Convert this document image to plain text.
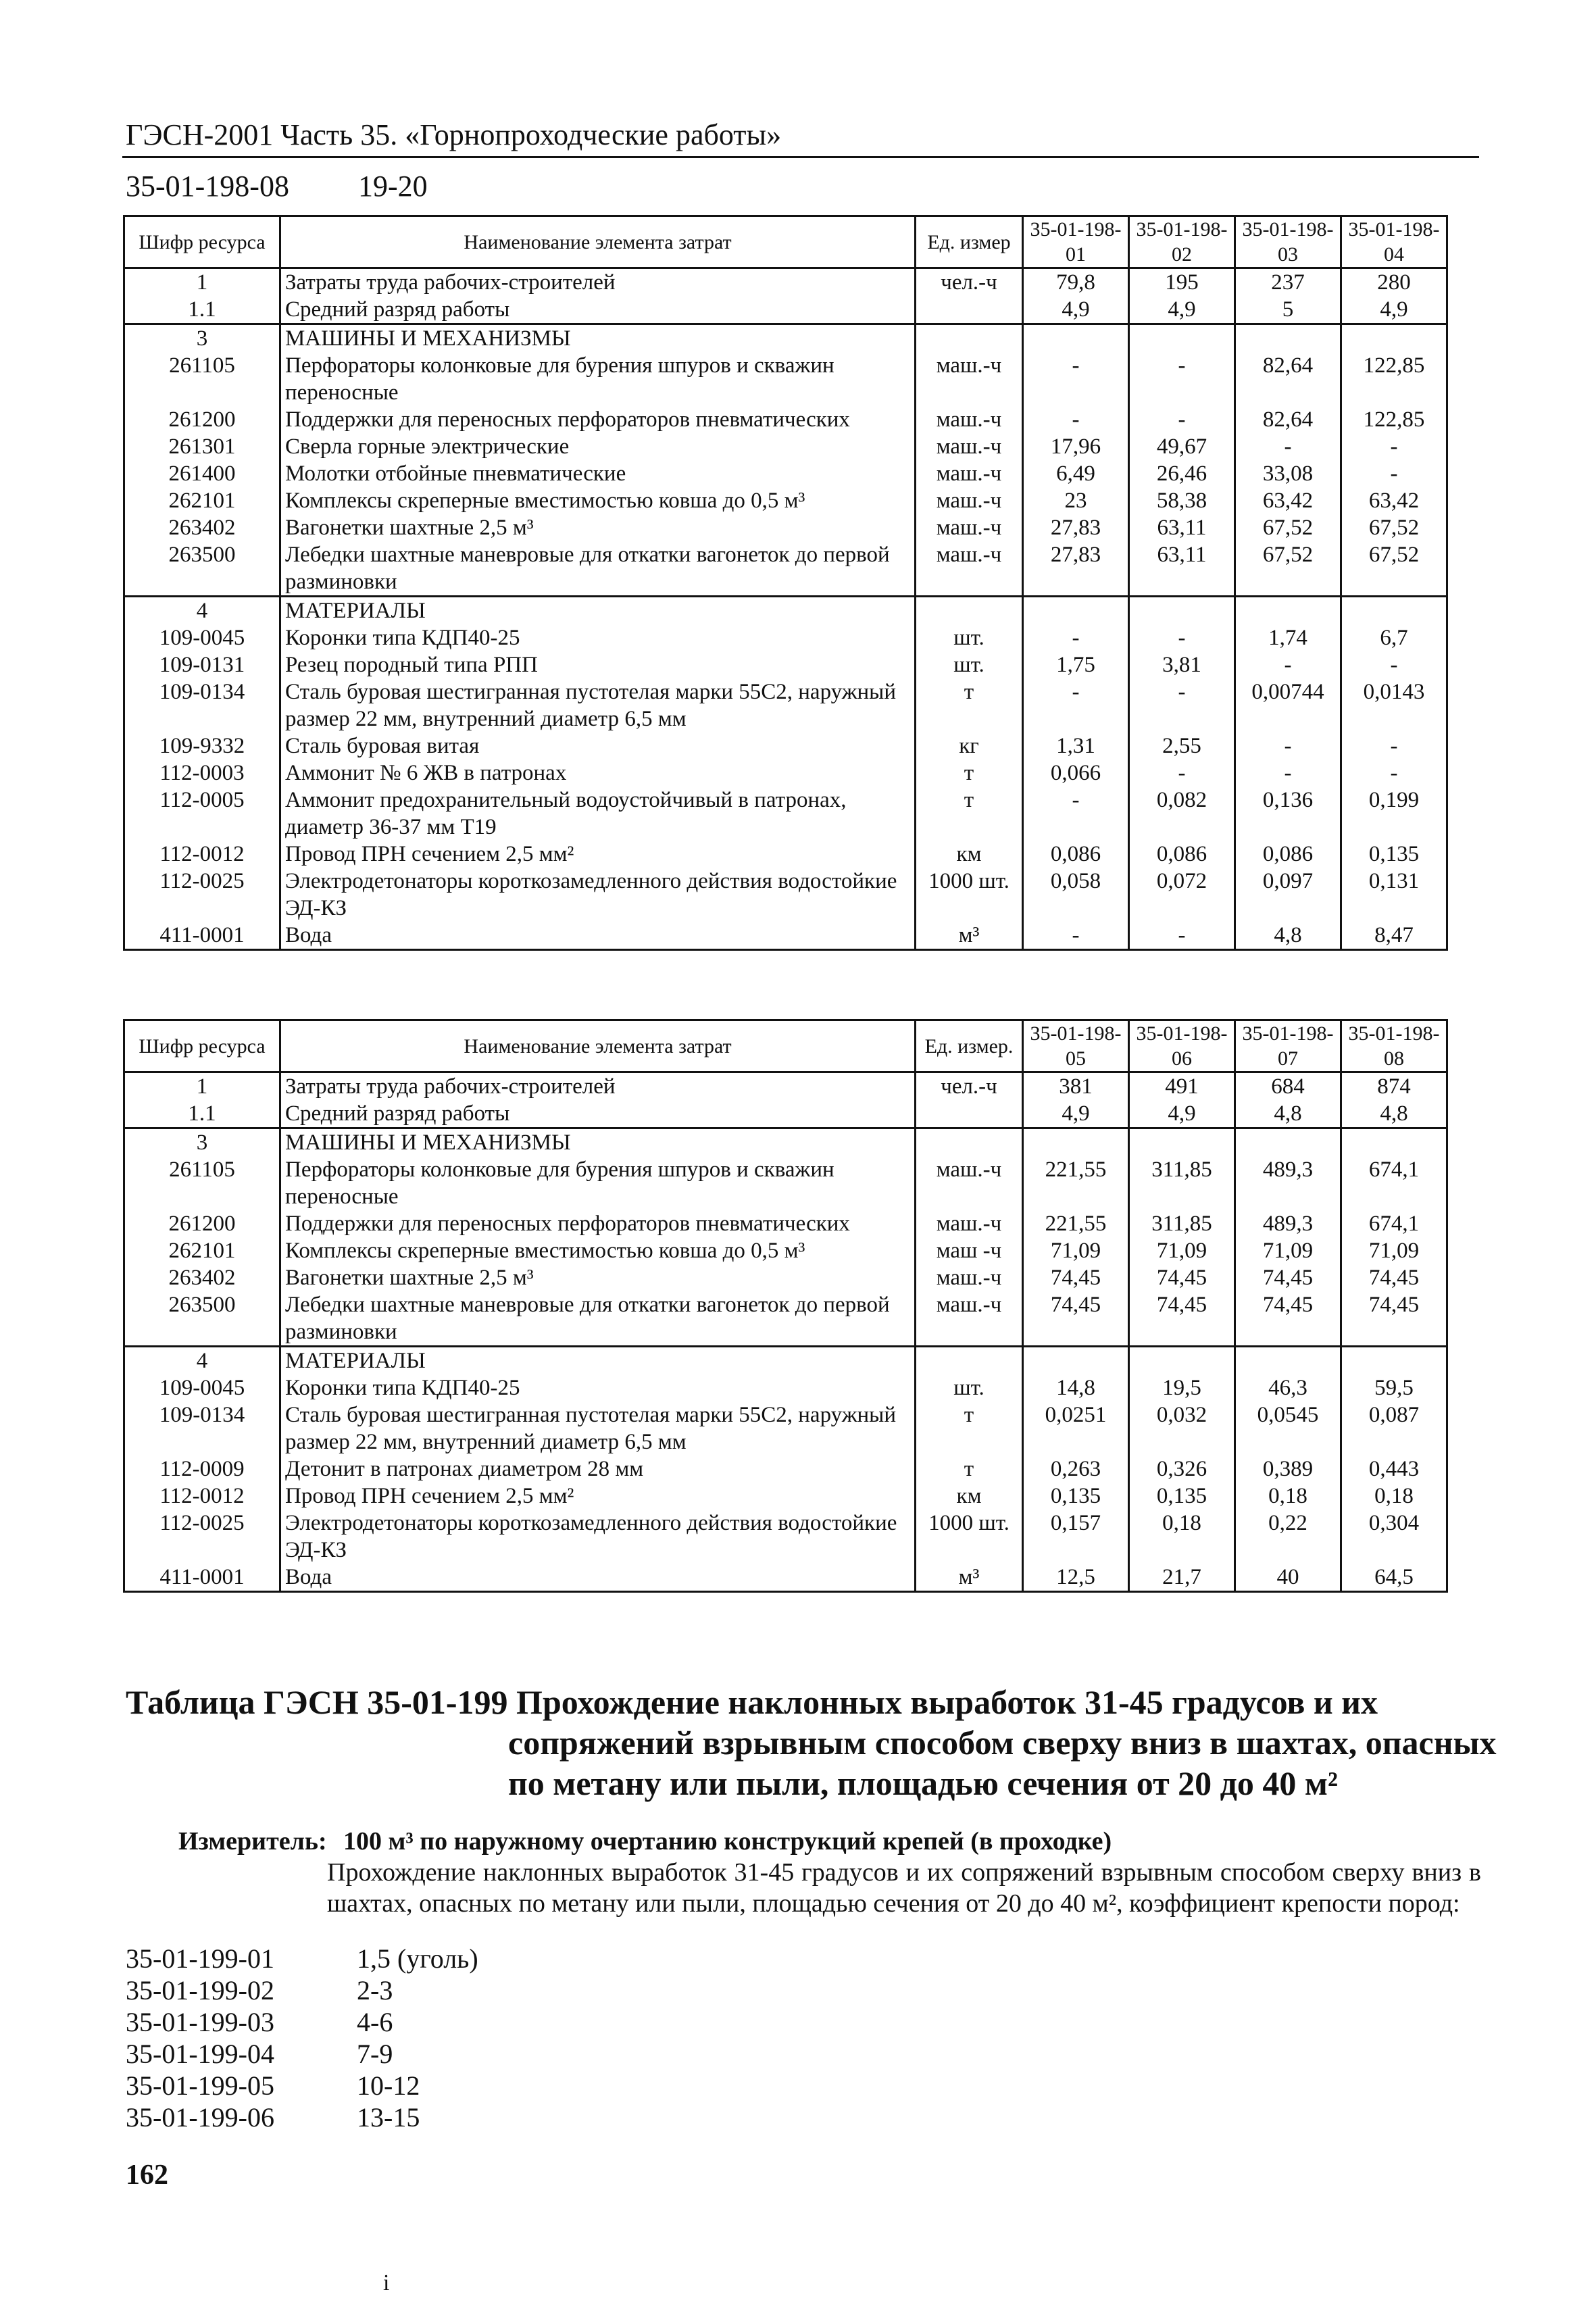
ГЭСН-2001 Часть 35. «Горнопроходческие работы»
35-01-198-08 19-20
Шифр ресурса	Наименование элемента затрат	Ед. измер	35-01-198-01	35-01-198-02	35-01-198-03	35-01-198-04
1	Затраты труда рабочих-строителей	чел.-ч	79,8	195	237	280
1.1	Средний разряд работы		4,9	4,9	5	4,9
3	МАШИНЫ И МЕХАНИЗМЫ					
261105	Перфораторы колонковые для бурения шпуров и скважин переносные	маш.-ч	-	-	82,64	122,85
261200	Поддержки для переносных перфораторов пневматических	маш.-ч	-	-	82,64	122,85
261301	Сверла горные электрические	маш.-ч	17,96	49,67	-	-
261400	Молотки отбойные пневматические	маш.-ч	6,49	26,46	33,08	-
262101	Комплексы скреперные вместимостью ковша до 0,5 м³	маш.-ч	23	58,38	63,42	63,42
263402	Вагонетки шахтные 2,5 м³	маш.-ч	27,83	63,11	67,52	67,52
263500	Лебедки шахтные маневровые для откатки вагонеток до первой разминовки	маш.-ч	27,83	63,11	67,52	67,52
4	МАТЕРИАЛЫ					
109-0045	Коронки типа КДП40-25	шт.	-	-	1,74	6,7
109-0131	Резец породный типа РПП	шт.	1,75	3,81	-	-
109-0134	Сталь буровая шестигранная пустотелая марки 55С2, наружный размер 22 мм, внутренний диаметр 6,5 мм	т	-	-	0,00744	0,0143
109-9332	Сталь буровая витая	кг	1,31	2,55	-	-
112-0003	Аммонит № 6 ЖВ в патронах	т	0,066	-	-	-
112-0005	Аммонит предохранительный водоустойчивый в патронах, диаметр 36-37 мм Т19	т	-	0,082	0,136	0,199
112-0012	Провод ПРН сечением 2,5 мм²	км	0,086	0,086	0,086	0,135
112-0025	Электродетонаторы короткозамедленного действия водостойкие ЭД-КЗ	1000 шт.	0,058	0,072	0,097	0,131
411-0001	Вода	м³	-	-	4,8	8,47
Шифр ресурса	Наименование элемента затрат	Ед. измер.	35-01-198-05	35-01-198-06	35-01-198-07	35-01-198-08
1	Затраты труда рабочих-строителей	чел.-ч	381	491	684	874
1.1	Средний разряд работы		4,9	4,9	4,8	4,8
3	МАШИНЫ И МЕХАНИЗМЫ					
261105	Перфораторы колонковые для бурения шпуров и скважин переносные	маш.-ч	221,55	311,85	489,3	674,1
261200	Поддержки для переносных перфораторов пневматических	маш.-ч	221,55	311,85	489,3	674,1
262101	Комплексы скреперные вместимостью ковша до 0,5 м³	маш -ч	71,09	71,09	71,09	71,09
263402	Вагонетки шахтные 2,5 м³	маш.-ч	74,45	74,45	74,45	74,45
263500	Лебедки шахтные маневровые для откатки вагонеток до первой разминовки	маш.-ч	74,45	74,45	74,45	74,45
4	МАТЕРИАЛЫ					
109-0045	Коронки типа КДП40-25	шт.	14,8	19,5	46,3	59,5
109-0134	Сталь буровая шестигранная пустотелая марки 55С2, наружный размер 22 мм, внутренний диаметр 6,5 мм	т	0,0251	0,032	0,0545	0,087
112-0009	Детонит в патронах диаметром 28 мм	т	0,263	0,326	0,389	0,443
112-0012	Провод ПРН сечением 2,5 мм²	км	0,135	0,135	0,18	0,18
112-0025	Электродетонаторы короткозамедленного действия водостойкие ЭД-КЗ	1000 шт.	0,157	0,18	0,22	0,304
411-0001	Вода	м³	12,5	21,7	40	64,5
Таблица ГЭСН 35-01-199 Прохождение наклонных выработок 31-45 градусов и их
сопряжений взрывным способом сверху вниз в шахтах, опасных
по метану или пыли, площадью сечения от 20 до 40 м²
Измеритель: 100 м³ по наружному очертанию конструкций крепей (в проходке)
Прохождение наклонных выработок 31-45 градусов и их сопряжений взрывным способом сверху вниз в шахтах, опасных по метану или пыли, площадью сечения от 20 до 40 м², коэффициент крепости пород:
35-01-199-01	1,5 (уголь)
35-01-199-02	2-3
35-01-199-03	4-6
35-01-199-04	7-9
35-01-199-05	10-12
35-01-199-06	13-15
162
i
